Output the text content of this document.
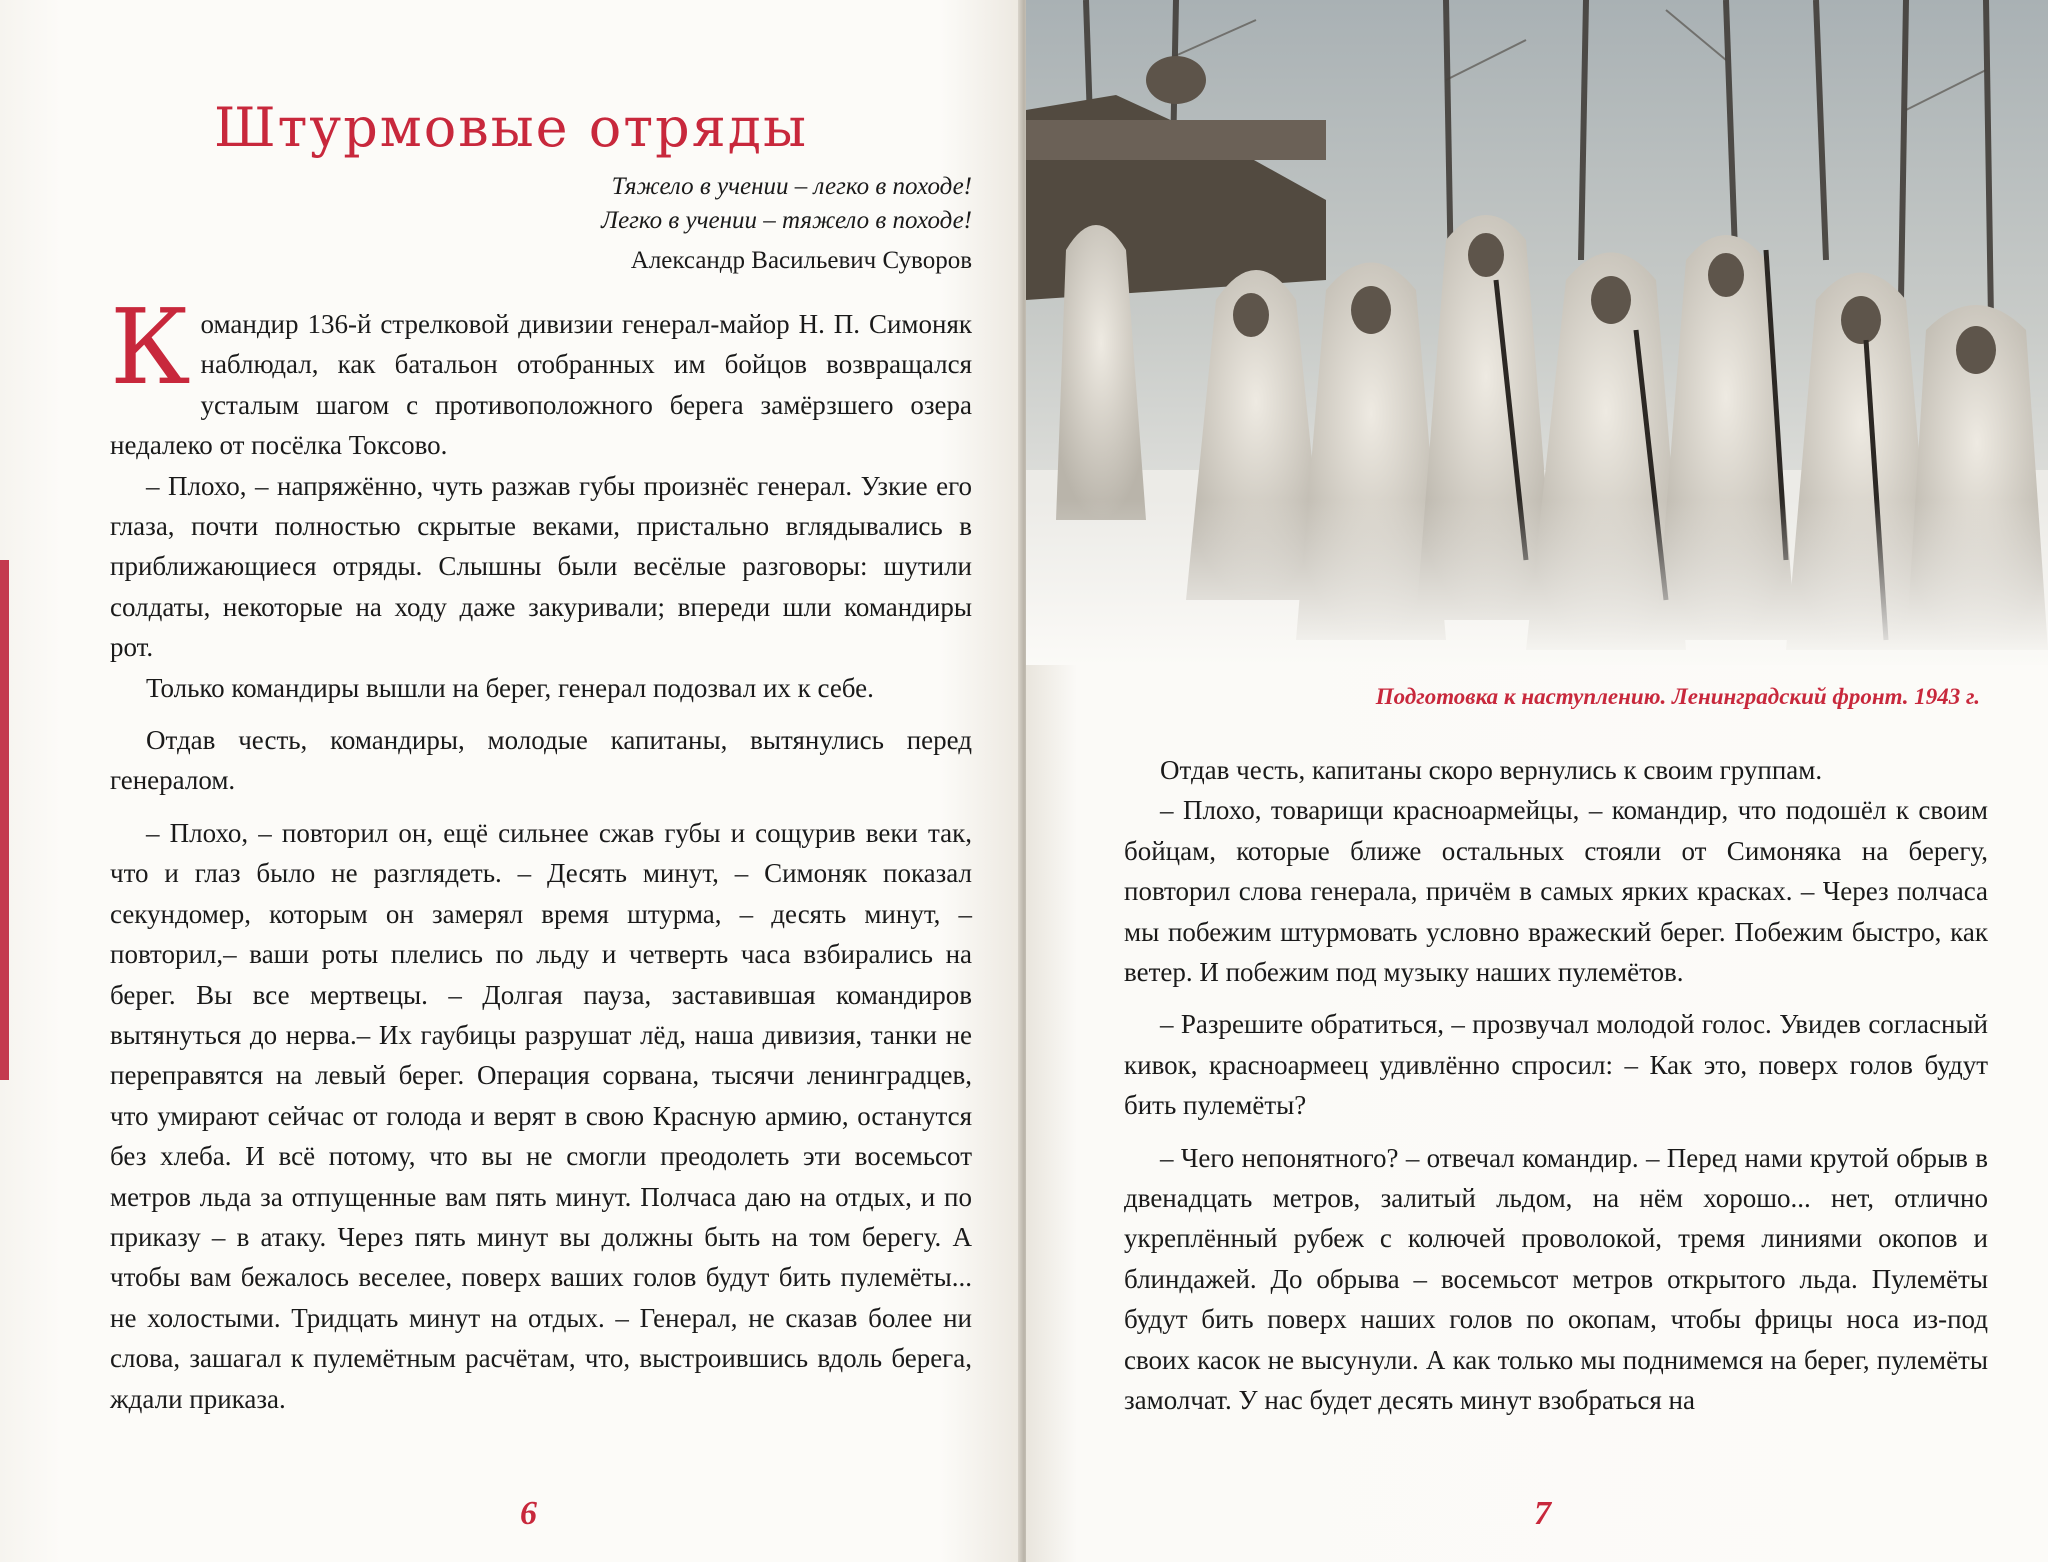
Штурмовые отряды
Тяжело в учении – легко в походе!
Легко в учении – тяжело в походе!
Александр Васильевич Суворов

Командир 136-й стрелковой дивизии генерал-майор Н. П. Симоняк наблюдал, как батальон отобранных им бойцов возвращался усталым шагом с противоположного берега замёрзшего озера недалеко от посёлка Токсово.

– Плохо, – напряжённо, чуть разжав губы произнёс генерал. Узкие его глаза, почти полностью скрытые веками, пристально вглядывались в приближающиеся отряды. Слышны были весёлые разговоры: шутили солдаты, некоторые на ходу даже закуривали; впереди шли командиры рот.

Только командиры вышли на берег, генерал подозвал их к себе.

Отдав честь, командиры, молодые капитаны, вытянулись перед генералом.

– Плохо, – повторил он, ещё сильнее сжав губы и сощурив веки так, что и глаз было не разглядеть. – Десять минут, – Симоняк показал секундомер, которым он замерял время штурма, – десять минут, – повторил,– ваши роты плелись по льду и четверть часа взбирались на берег. Вы все мертвецы. – Долгая пауза, заставившая командиров вытянуться до нерва.– Их гаубицы разрушат лёд, наша дивизия, танки не переправятся на левый берег. Операция сорвана, тысячи ленинградцев, что умирают сейчас от голода и верят в свою Красную армию, останутся без хлеба. И всё потому, что вы не смогли преодолеть эти восемьсот метров льда за отпущенные вам пять минут. Полчаса даю на отдых, и по приказу – в атаку. Через пять минут вы должны быть на том берегу. А чтобы вам бежалось веселее, поверх ваших голов будут бить пулемёты... не холостыми. Тридцать минут на отдых. – Генерал, не сказав более ни слова, зашагал к пулемётным расчётам, что, выстроившись вдоль берега, ждали приказа.

6
Подготовка к наступлению. Ленинградский фронт. 1943 г.

Отдав честь, капитаны скоро вернулись к своим группам.

– Плохо, товарищи красноармейцы, – командир, что подошёл к своим бойцам, которые ближе остальных стояли от Симоняка на берегу, повторил слова генерала, причём в самых ярких красках. – Через полчаса мы побежим штурмовать условно вражеский берег. Побежим быстро, как ветер. И побежим под музыку наших пулемётов.

– Разрешите обратиться, – прозвучал молодой голос. Увидев согласный кивок, красноармеец удивлённо спросил: – Как это, поверх голов будут бить пулемёты?

– Чего непонятного? – отвечал командир. – Перед нами крутой обрыв в двенадцать метров, залитый льдом, на нём хорошо... нет, отлично укреплённый рубеж с колючей проволокой, тремя линиями окопов и блиндажей. До обрыва – восемьсот метров открытого льда. Пулемёты будут бить поверх наших голов по окопам, чтобы фрицы носа из-под своих касок не высунули. А как только мы поднимемся на берег, пулемёты замолчат. У нас будет десять минут взобраться на

7
